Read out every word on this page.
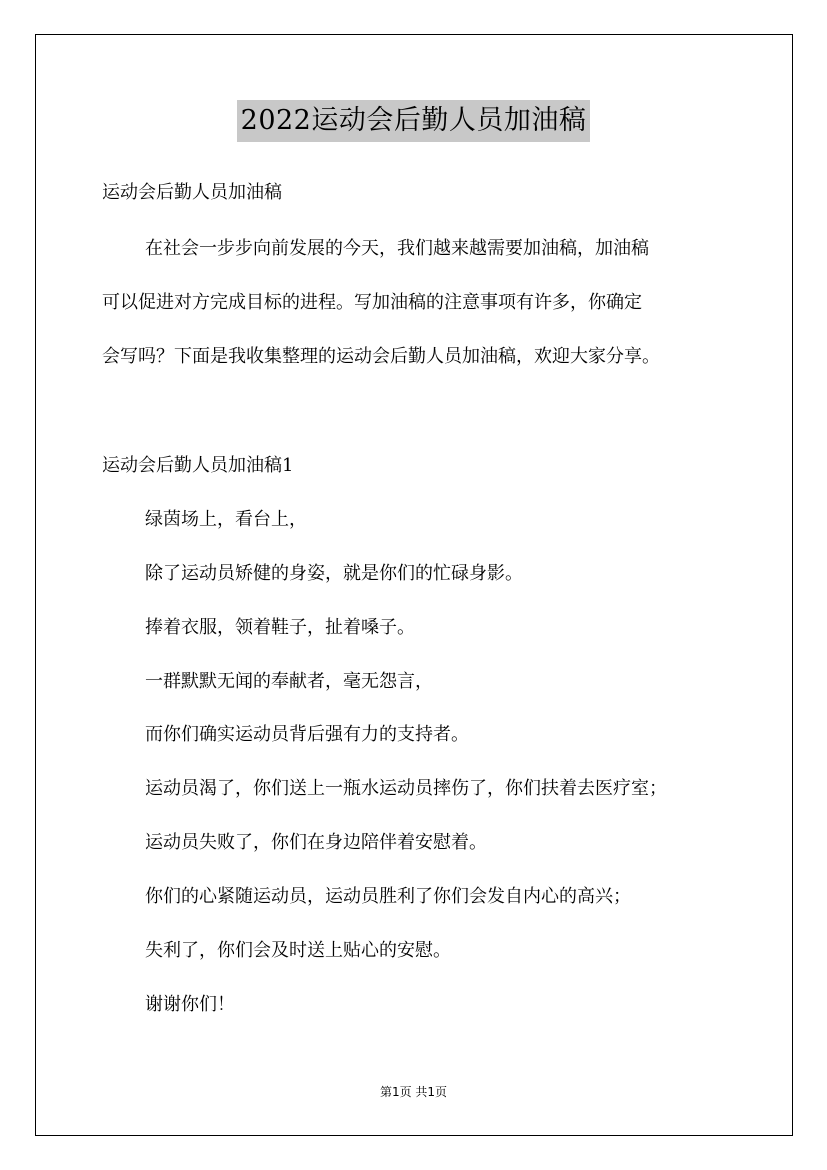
2022运动会后勤人员加油稿
运动会后勤人员加油稿
在社会一步步向前发展的今天，我们越来越需要加油稿，加油稿
可以促进对方完成目标的进程。写加油稿的注意事项有许多，你确定
会写吗？下面是我收集整理的运动会后勤人员加油稿，欢迎大家分享。
运动会后勤人员加油稿1
绿茵场上，看台上，
除了运动员矫健的身姿，就是你们的忙碌身影。
捧着衣服，领着鞋子，扯着嗓子。
一群默默无闻的奉献者，毫无怨言，
而你们确实运动员背后强有力的支持者。
运动员渴了，你们送上一瓶水运动员摔伤了，你们扶着去医疗室；
运动员失败了，你们在身边陪伴着安慰着。
你们的心紧随运动员，运动员胜利了你们会发自内心的高兴；
失利了，你们会及时送上贴心的安慰。
谢谢你们！
第1页 共1页
